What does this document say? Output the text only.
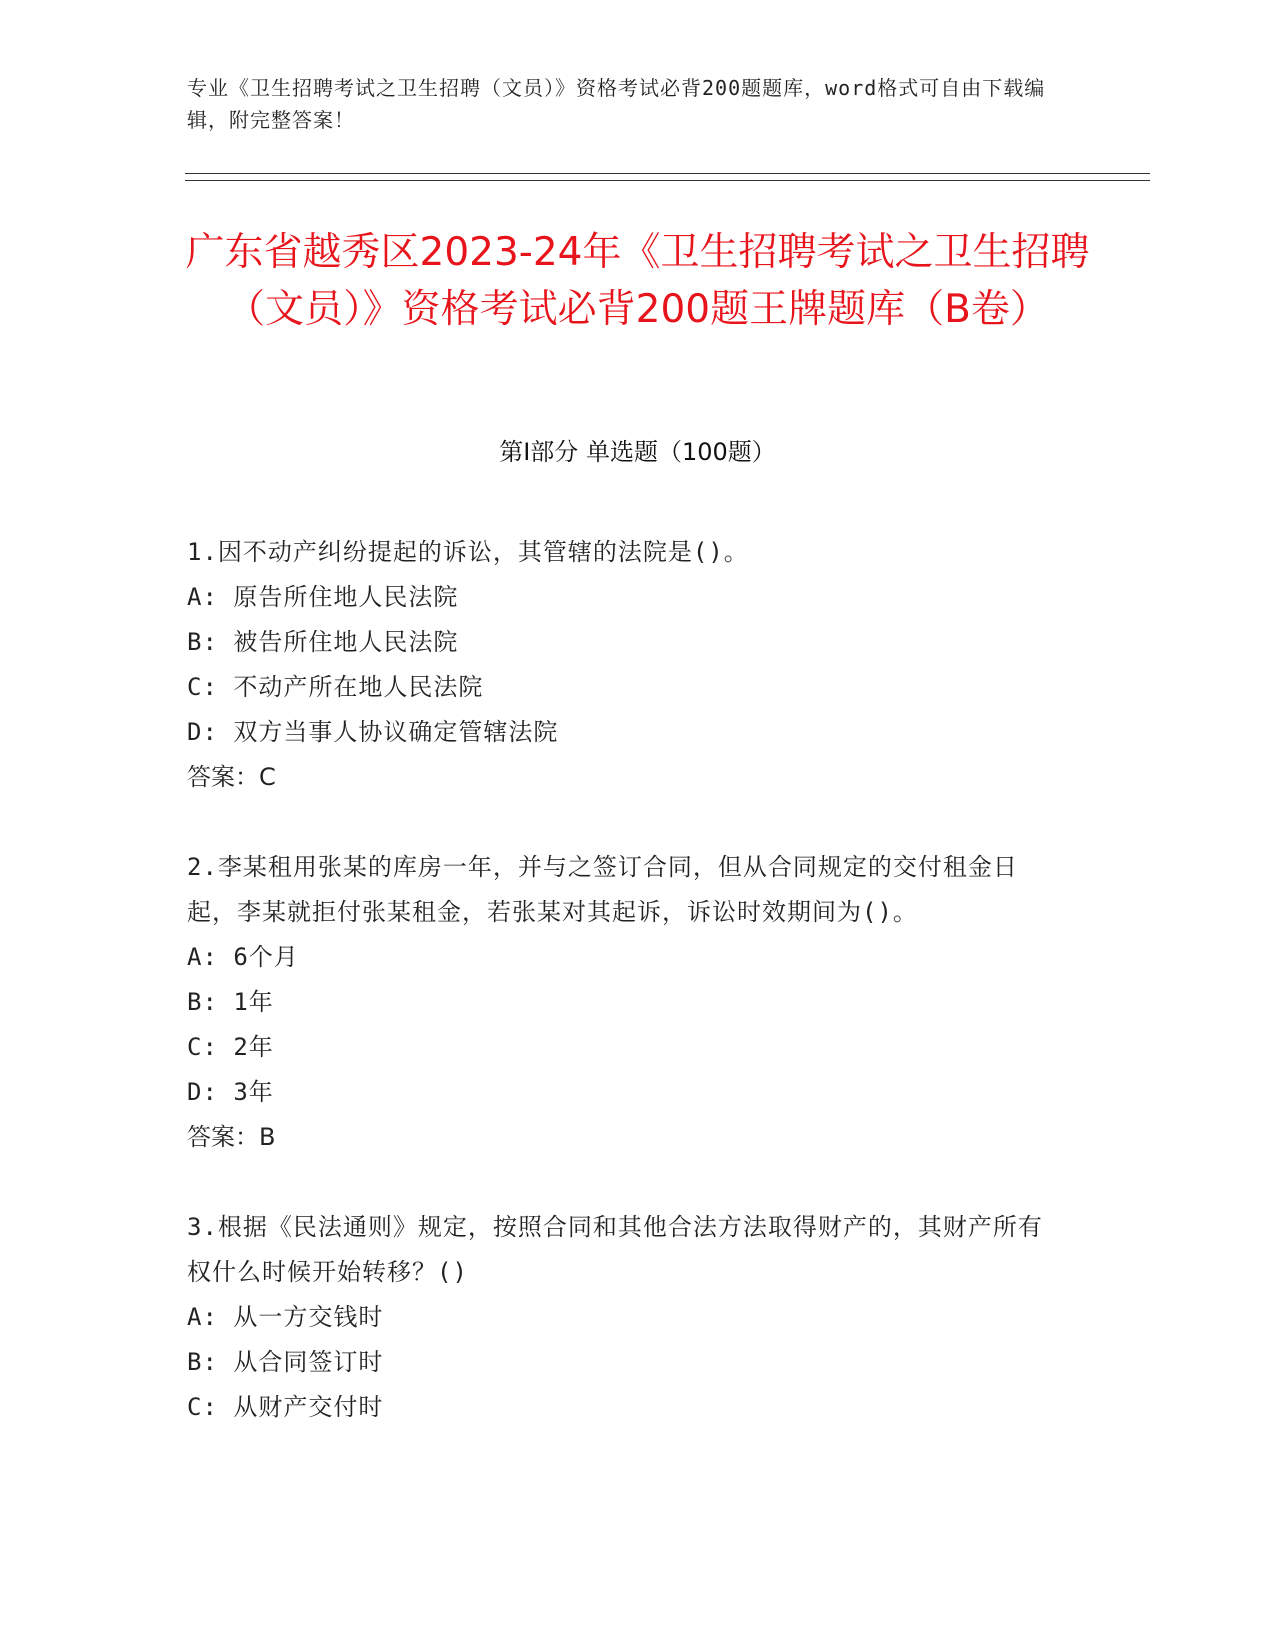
专业《卫生招聘考试之卫生招聘（文员）》资格考试必背200题题库，word格式可自由下载编辑，附完整答案！
广东省越秀区2023-24年《卫生招聘考试之卫生招聘（文员）》资格考试必背200题王牌题库（B卷）
第Ⅰ部分 单选题（100题）

1.因不动产纠纷提起的诉讼，其管辖的法院是()。

A: 原告所住地人民法院

B: 被告所住地人民法院

C: 不动产所在地人民法院

D: 双方当事人协议确定管辖法院

答案：C

2.李某租用张某的库房一年，并与之签订合同，但从合同规定的交付租金日起，李某就拒付张某租金，若张某对其起诉，诉讼时效期间为()。

A: 6个月

B: 1年

C: 2年

D: 3年

答案：B

3.根据《民法通则》规定，按照合同和其他合法方法取得财产的，其财产所有权什么时候开始转移？()

A: 从一方交钱时

B: 从合同签订时

C: 从财产交付时
